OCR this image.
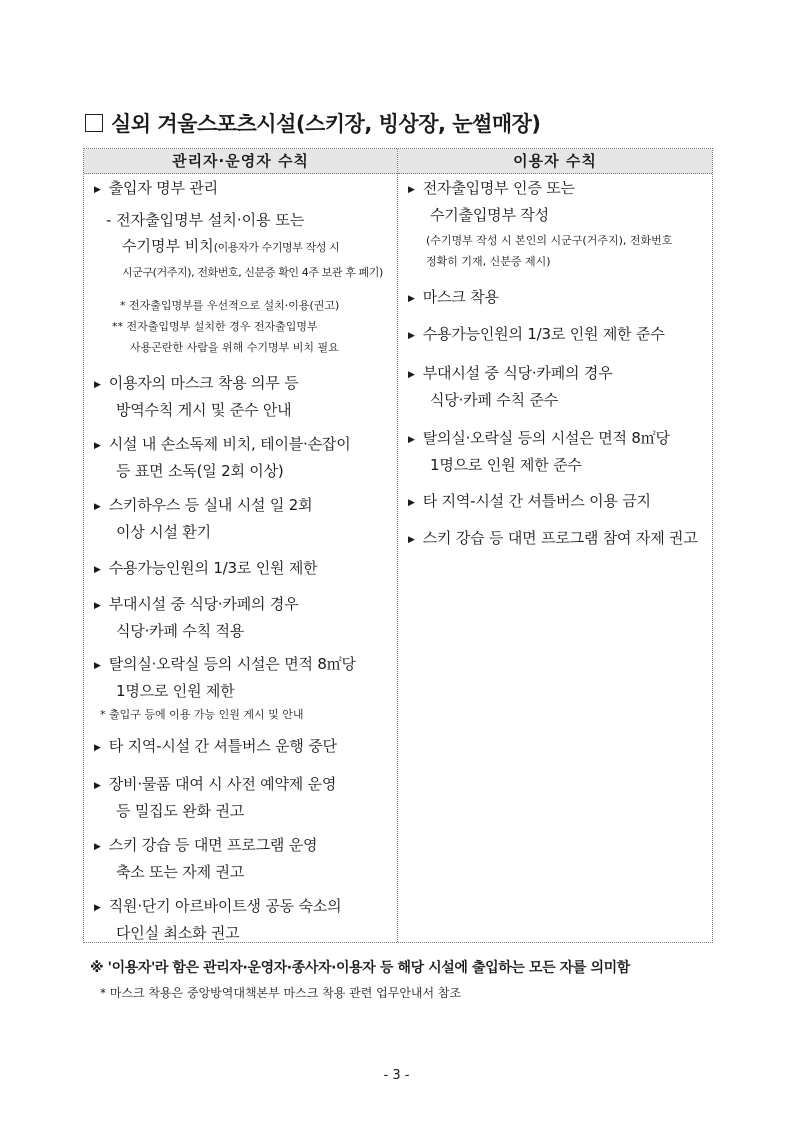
실외 겨울스포츠시설(스키장, 빙상장, 눈썰매장)
관리자·운영자 수칙	이용자 수칙
▶ 출입자 명부 관리
- 전자출입명부 설치·이용 또는
수기명부 비치(이용자가 수기명부 작성 시
시군구(거주지), 전화번호, 신분증 확인 4주 보관 후 폐기)
* 전자출입명부를 우선적으로 설치·이용(권고)
** 전자출입명부 설치한 경우 전자출입명부
사용곤란한 사람을 위해 수기명부 비치 필요
▶ 이용자의 마스크 착용 의무 등
방역수칙 게시 및 준수 안내
▶ 시설 내 손소독제 비치, 테이블·손잡이
등 표면 소독(일 2회 이상)
▶ 스키하우스 등 실내 시설 일 2회
이상 시설 환기
▶ 수용가능인원의 1/3로 인원 제한
▶ 부대시설 중 식당·카페의 경우
식당·카페 수칙 적용
▶ 탈의실·오락실 등의 시설은 면적 8㎡당
1명으로 인원 제한
* 출입구 등에 이용 가능 인원 게시 및 안내
▶ 타 지역-시설 간 셔틀버스 운행 중단
▶ 장비·물품 대여 시 사전 예약제 운영
등 밀집도 완화 권고
▶ 스키 강습 등 대면 프로그램 운영
축소 또는 자제 권고
▶ 직원·단기 아르바이트생 공동 숙소의
다인실 최소화 권고
▶ 전자출입명부 인증 또는
수기출입명부 작성
(수기명부 작성 시 본인의 시군구(거주지), 전화번호
정확히 기재, 신분증 제시)
▶ 마스크 착용
▶ 수용가능인원의 1/3로 인원 제한 준수
▶ 부대시설 중 식당·카페의 경우
식당·카페 수칙 준수
▶ 탈의실·오락실 등의 시설은 면적 8㎡당
1명으로 인원 제한 준수
▶ 타 지역-시설 간 셔틀버스 이용 금지
▶ 스키 강습 등 대면 프로그램 참여 자제 권고
※ '이용자'라 함은 관리자·운영자·종사자·이용자 등 해당 시설에 출입하는 모든 자를 의미함
* 마스크 착용은 중앙방역대책본부 마스크 착용 관련 업무안내서 참조
- 3 -
